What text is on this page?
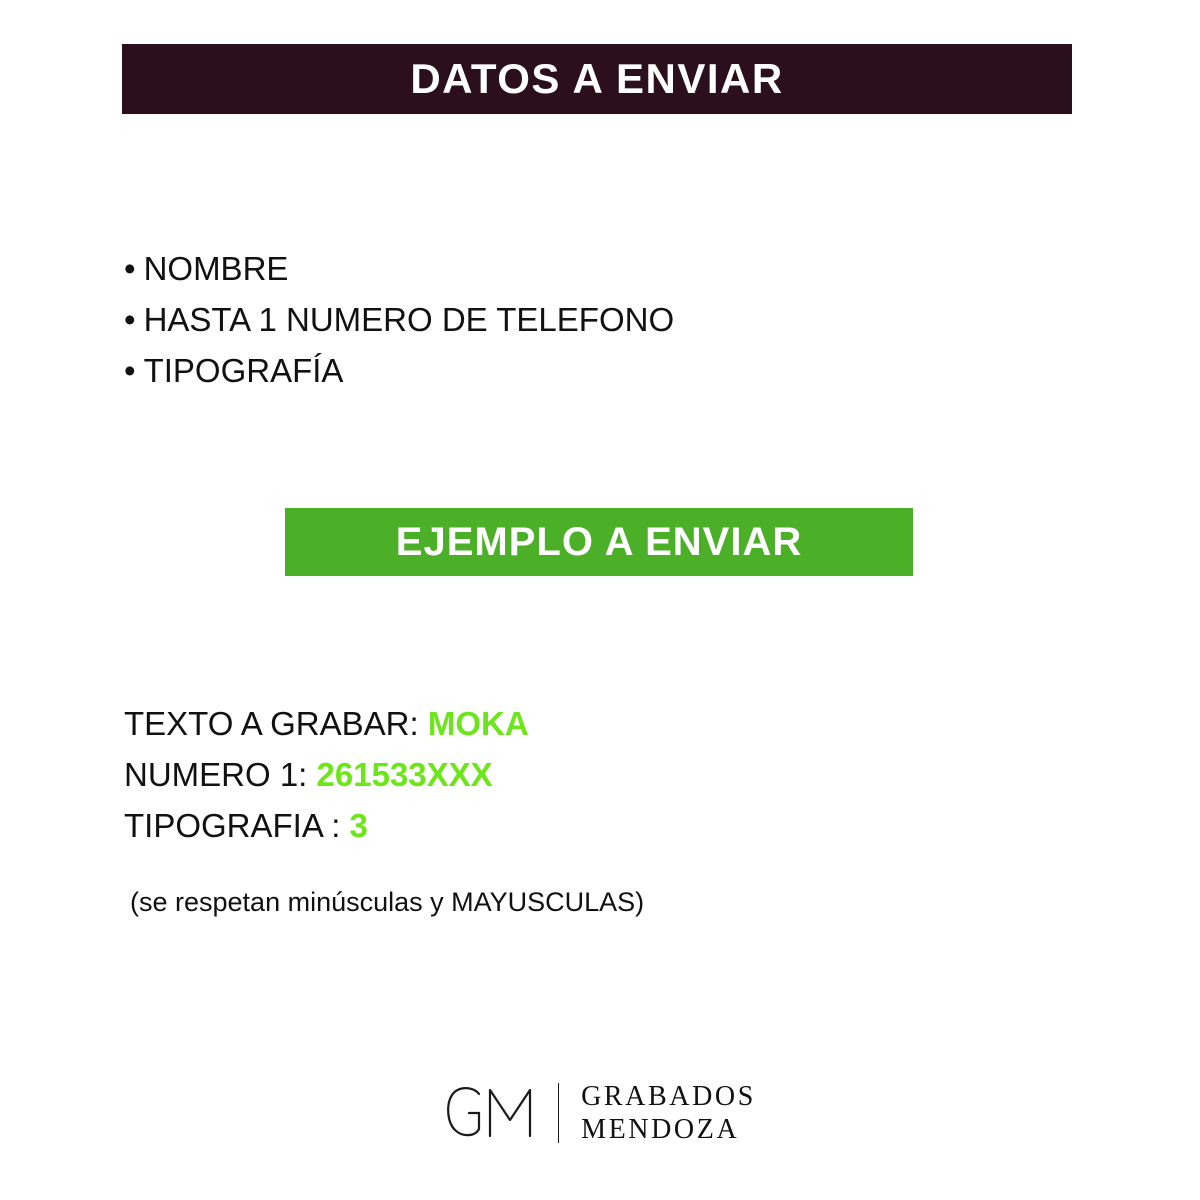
DATOS A ENVIAR
• NOMBRE
• HASTA 1 NUMERO DE TELEFONO
• TIPOGRAFÍA
EJEMPLO A ENVIAR
TEXTO A GRABAR: MOKA
NUMERO 1: 261533XXX
TIPOGRAFIA : 3
(se respetan minúsculas y MAYUSCULAS)
GRABADOS
MENDOZA
